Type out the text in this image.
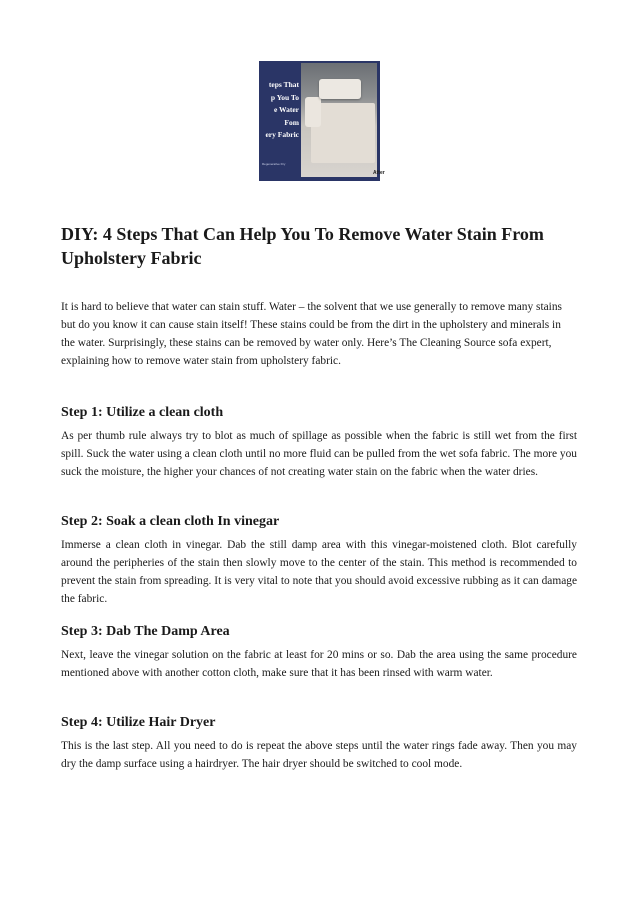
teps That
p You To
e Water
Fom
ery Fabric
Regenerative Dry
After
DIY: 4 Steps That Can Help You To Remove Water Stain From Upholstery Fabric

It is hard to believe that water can stain stuff. Water – the solvent that we use generally to remove many stains but do you know it can cause stain itself! These stains could be from the dirt in the upholstery and minerals in the water. Surprisingly, these stains can be removed by water only. Here’s The Cleaning Source sofa expert, explaining how to remove water stain from upholstery fabric.

Step 1: Utilize a clean cloth

As per thumb rule always try to blot as much of spillage as possible when the fabric is still wet from the first spill. Suck the water using a clean cloth until no more fluid can be pulled from the wet sofa fabric. The more you suck the moisture, the higher your chances of not creating water stain on the fabric when the water dries.

Step 2: Soak a clean cloth In vinegar

Immerse a clean cloth in vinegar. Dab the still damp area with this vinegar-moistened cloth. Blot carefully around the peripheries of the stain then slowly move to the center of the stain. This method is recommended to prevent the stain from spreading. It is very vital to note that you should avoid excessive rubbing as it can damage the fabric.

Step 3: Dab The Damp Area

Next, leave the vinegar solution on the fabric at least for 20 mins or so. Dab the area using the same procedure mentioned above with another cotton cloth, make sure that it has been rinsed with warm water.

Step 4: Utilize Hair Dryer

This is the last step. All you need to do is repeat the above steps until the water rings fade away. Then you may dry the damp surface using a hairdryer. The hair dryer should be switched to cool mode.
